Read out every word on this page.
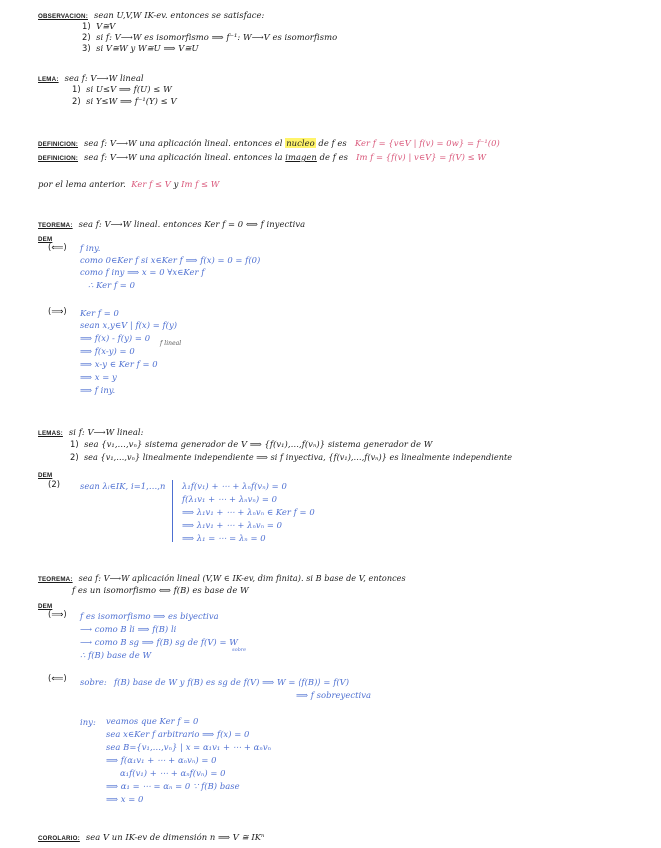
OBSERVACION: sean U,V,W IK-ev. entonces se satisface:
1) V≅V
2) si f: V⟶W es isomorfismo ⟹ f⁻¹: W⟶V es isomorfismo
3) si V≅W y W≅U ⟹ V≅U
LEMA: sea f: V⟶W lineal
1) si U≤V ⟹ f(U) ≤ W
2) si Y≤W ⟹ f⁻¹(Y) ≤ V
DEFINICION: sea f: V⟶W una aplicación lineal. entonces el nucleo de f es Ker f = {v∈V | f(v) = 0w} = f⁻¹(0)
DEFINICION: sea f: V⟶W una aplicación lineal. entonces la imagen de f es Im f = {f(v) | v∈V} = f(V) ≤ W
por el lema anterior. Ker f ≤ V y Im f ≤ W
TEOREMA: sea f: V⟶W lineal. entonces Ker f = 0 ⟺ f inyectiva
DEM
(⟸) f iny.
como 0∈Ker f si x∈Ker f ⟹ f(x) = 0 = f(0)
como f iny ⟹ x = 0 ∀x∈Ker f
∴ Ker f = 0
(⟹) Ker f = 0
sean x,y∈V | f(x) = f(y)
⟹ f(x) - f(y) = 0
⟹ f(x-y) = 0
⟹ x-y ∈ Ker f = 0
⟹ x = y
⟹ f iny.
f lineal
LEMAS: si f: V⟶W lineal:
1) sea {v₁,…,vₙ} sistema generador de V ⟹ {f(v₁),…,f(vₙ)} sistema generador de W
2) sea {v₁,…,vₙ} linealmente independiente ⟹ si f inyectiva, {f(v₁),…,f(vₙ)} es linealmente independiente
DEM
(2) sean λᵢ∈IK, i=1,…,n λ₁f(v₁) + ⋯ + λₙf(vₙ) = 0
f(λ₁v₁ + ⋯ + λₙvₙ) = 0
⟹ λ₁v₁ + ⋯ + λₙvₙ ∈ Ker f = 0
⟹ λ₁v₁ + ⋯ + λₙvₙ = 0
⟹ λ₁ = ⋯ = λₙ = 0
TEOREMA: sea f: V⟶W aplicación lineal (V,W ∈ IK-ev, dim finita). si B base de V, entonces
f es un isomorfismo ⟺ f(B) es base de W
DEM
(⟹) f es isomorfismo ⟹ es biyectiva
⟶ como B li ⟹ f(B) li
⟶ como B sg ⟹ f(B) sg de f(V) = W
∴ f(B) base de W	sobre
(⟸) sobre: f(B) base de W y f(B) es sg de f(V) ⟹ W = ⟨f(B)⟩ = f(V)
⟹ f sobreyectiva
iny: veamos que Ker f = 0
sea x∈Ker f arbitrario ⟹ f(x) = 0
sea B={v₁,…,vₙ} | x = α₁v₁ + ⋯ + αₙvₙ
⟹ f(α₁v₁ + ⋯ + αₙvₙ) = 0
α₁f(v₁) + ⋯ + αₙf(vₙ) = 0
⟹ α₁ = ⋯ = αₙ = 0 ∵ f(B) base
⟹ x = 0
COROLARIO: sea V un IK-ev de dimensión n ⟹ V ≅ IKⁿ
